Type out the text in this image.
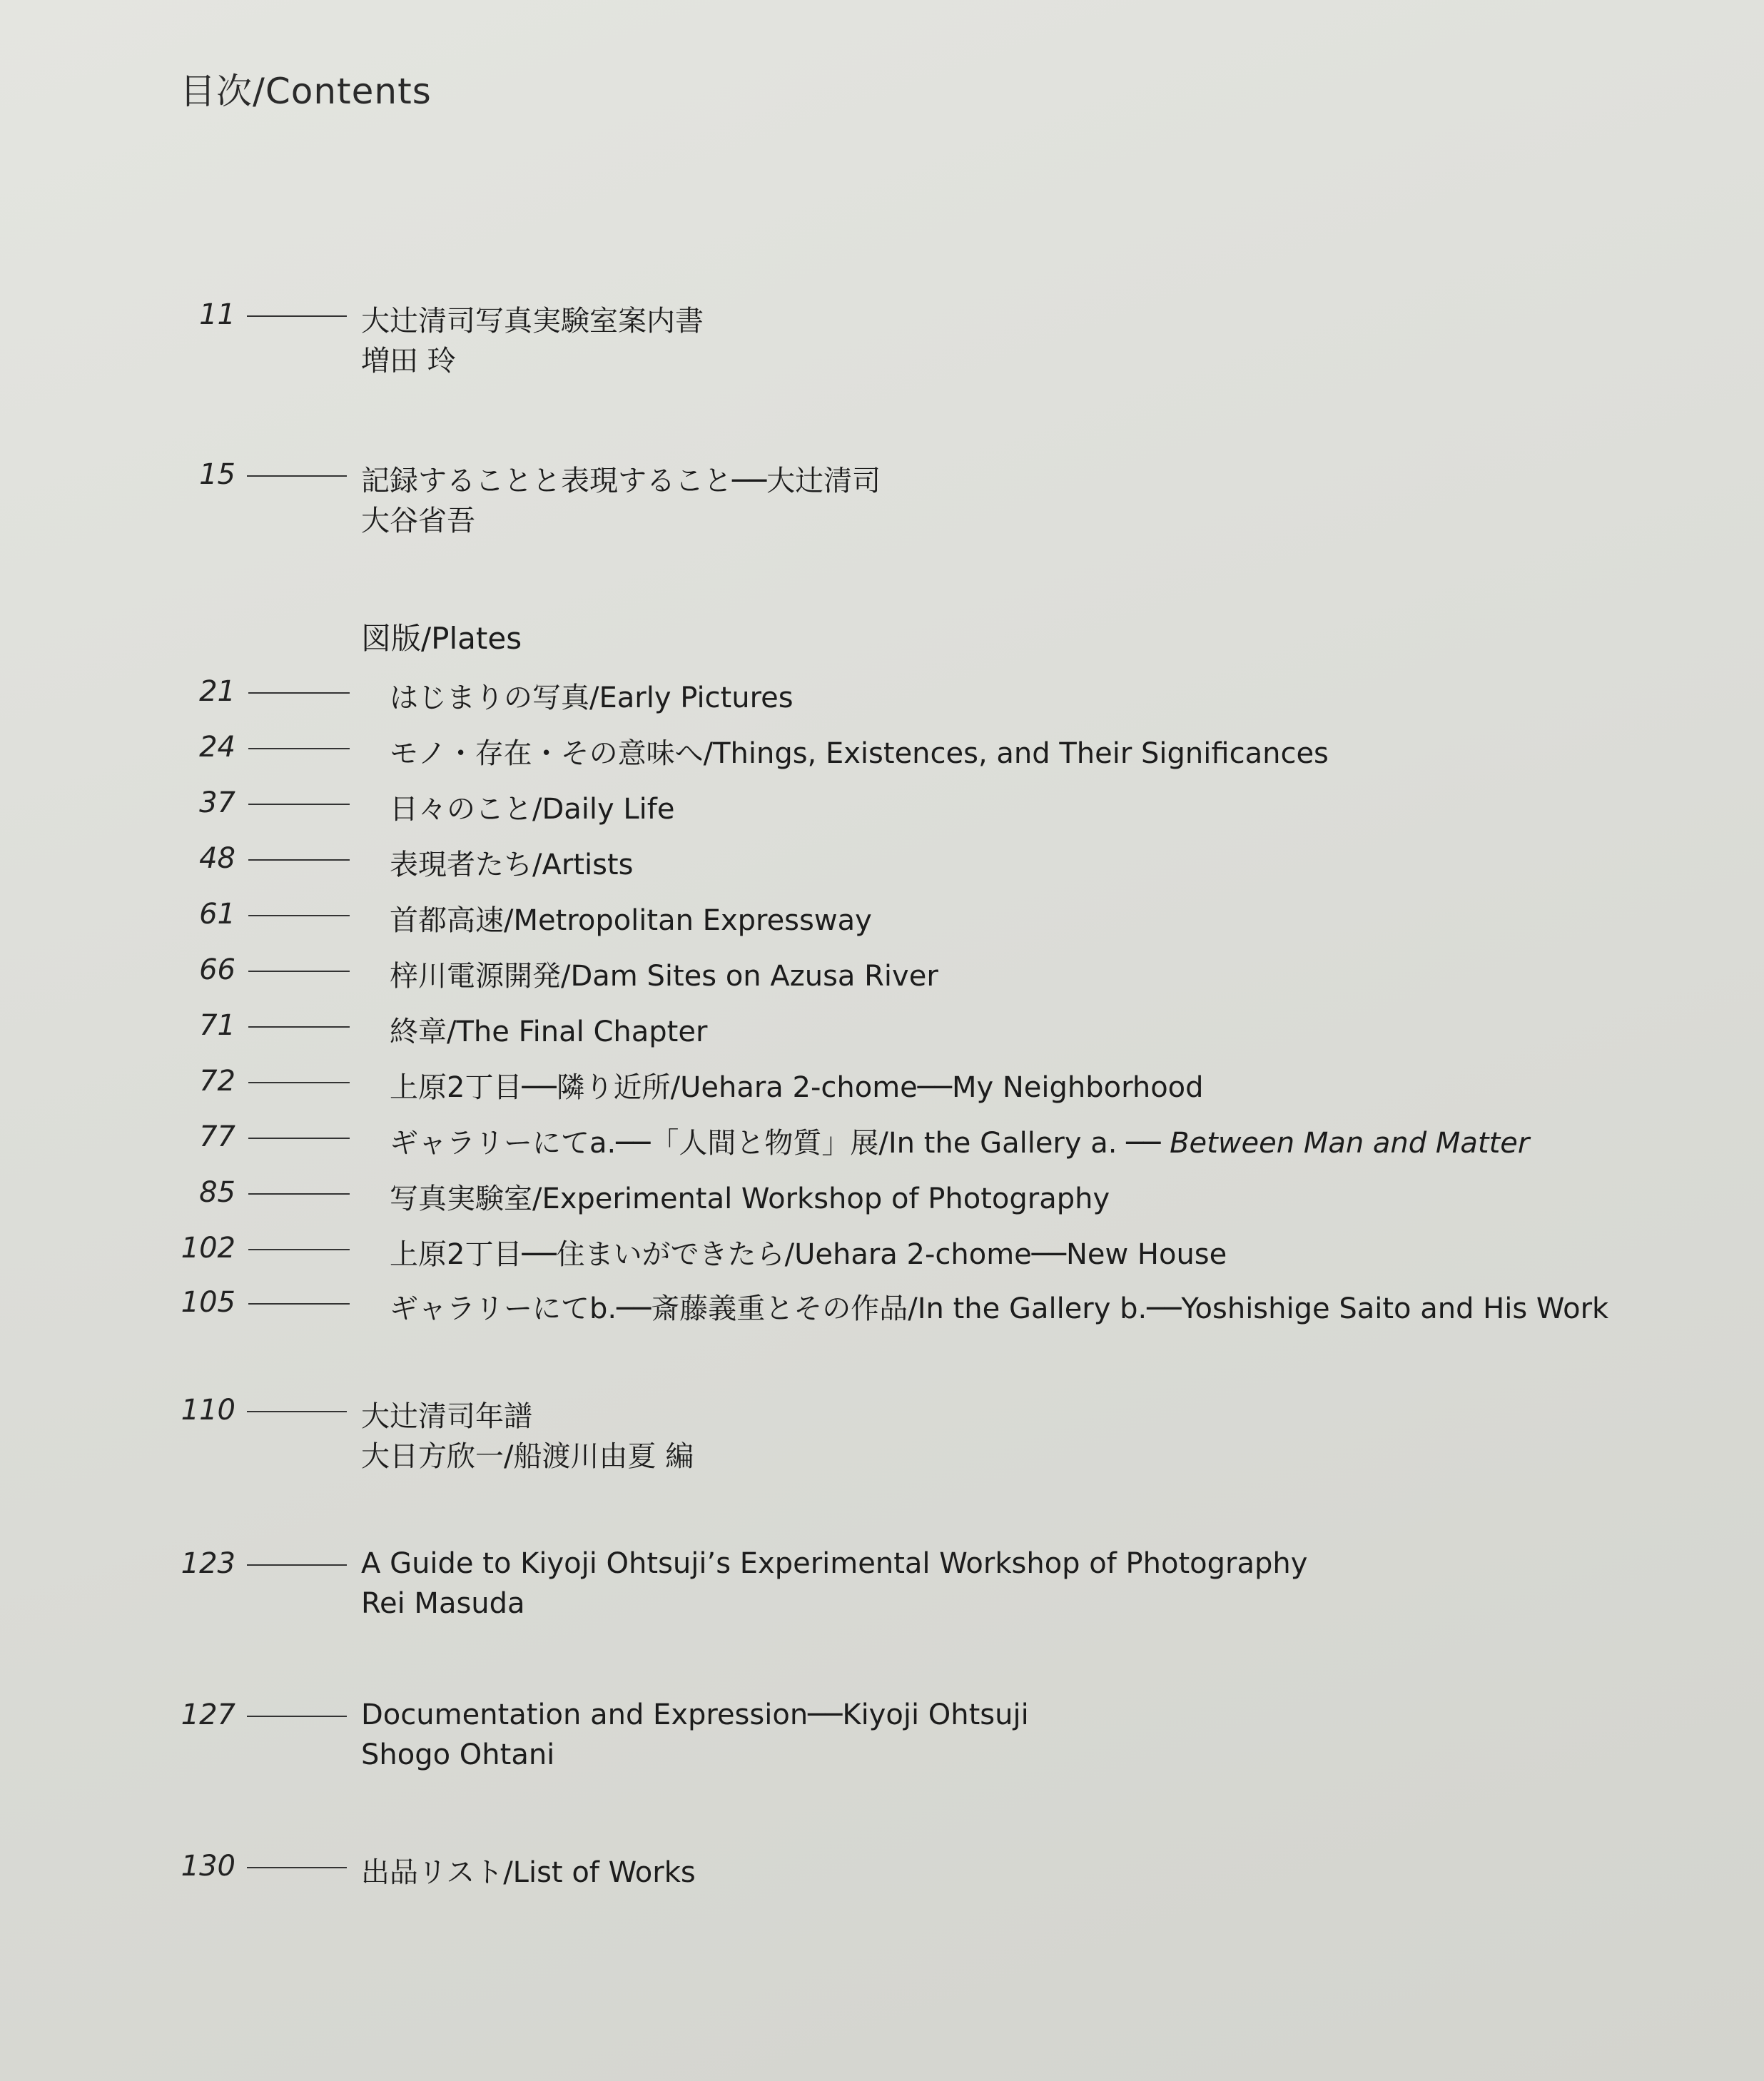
目次/Contents
11	大辻清司写真実験室案内書
増田 玲
15	記録することと表現すること──大辻清司
大谷省吾
図版/Plates
21	はじまりの写真/Early Pictures
24	モノ・存在・その意味へ/Things, Existences, and Their Significances
37	日々のこと/Daily Life
48	表現者たち/Artists
61	首都高速/Metropolitan Expressway
66	梓川電源開発/Dam Sites on Azusa River
71	終章/The Final Chapter
72	上原2丁目──隣り近所/Uehara 2-chome──My Neighborhood
77	ギャラリーにてa.──「人間と物質」展/In the Gallery a. ── Between Man and Matter
85	写真実験室/Experimental Workshop of Photography
102	上原2丁目──住まいができたら/Uehara 2-chome──New House
105	ギャラリーにてb.──斎藤義重とその作品/In the Gallery b.──Yoshishige Saito and His Work
110	大辻清司年譜
大日方欣一/船渡川由夏 編
123	A Guide to Kiyoji Ohtsuji’s Experimental Workshop of Photography
Rei Masuda
127	Documentation and Expression──Kiyoji Ohtsuji
Shogo Ohtani
130	出品リスト/List of Works
